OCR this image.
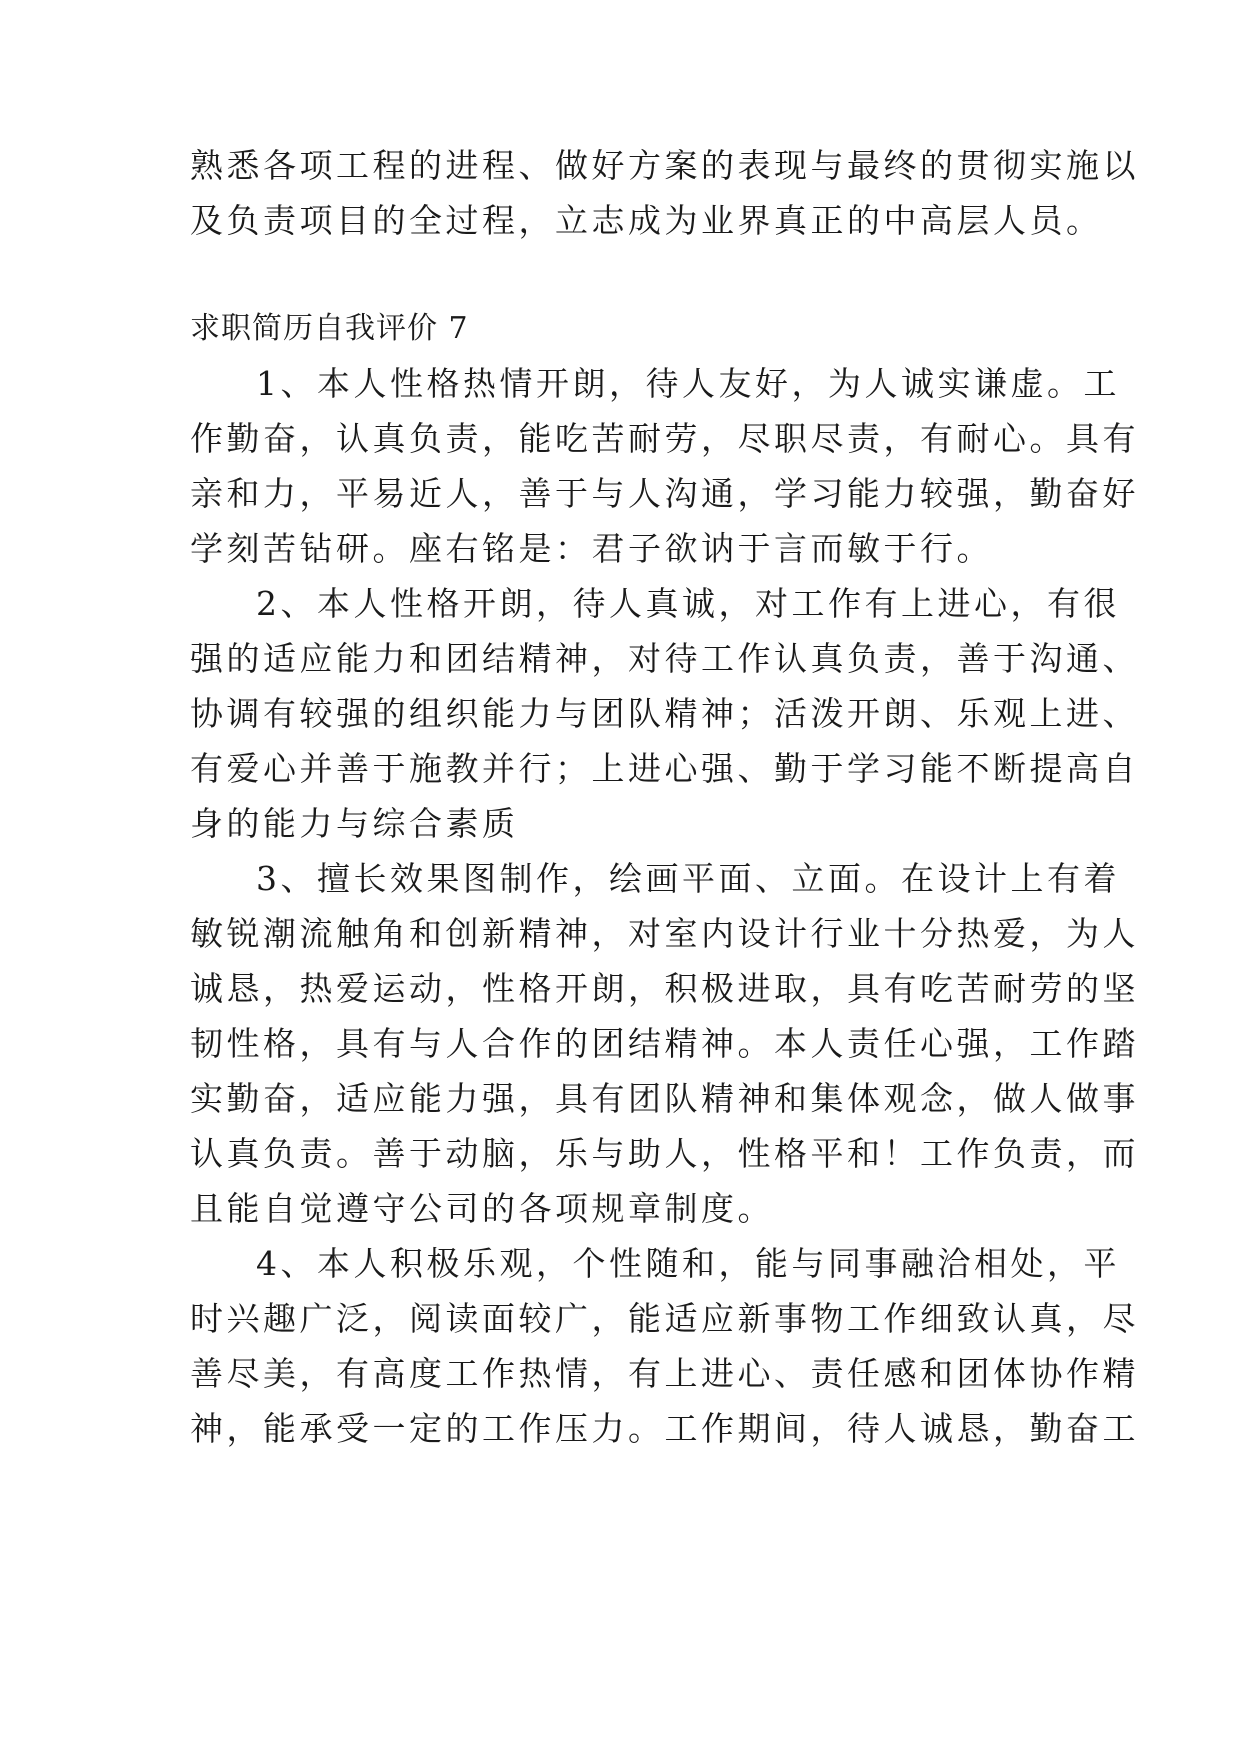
熟悉各项工程的进程、做好方案的表现与最终的贯彻实施以
及负责项目的全过程，立志成为业界真正的中高层人员。
求职简历自我评价 7
1、本人性格热情开朗，待人友好，为人诚实谦虚。工
作勤奋，认真负责，能吃苦耐劳，尽职尽责，有耐心。具有
亲和力，平易近人，善于与人沟通，学习能力较强，勤奋好
学刻苦钻研。座右铭是：君子欲讷于言而敏于行。
2、本人性格开朗，待人真诚，对工作有上进心，有很
强的适应能力和团结精神，对待工作认真负责，善于沟通、
协调有较强的组织能力与团队精神；活泼开朗、乐观上进、
有爱心并善于施教并行；上进心强、勤于学习能不断提高自
身的能力与综合素质
3、擅长效果图制作，绘画平面、立面。在设计上有着
敏锐潮流触角和创新精神，对室内设计行业十分热爱，为人
诚恳，热爱运动，性格开朗，积极进取，具有吃苦耐劳的坚
韧性格，具有与人合作的团结精神。本人责任心强，工作踏
实勤奋，适应能力强，具有团队精神和集体观念，做人做事
认真负责。善于动脑，乐与助人，性格平和！工作负责，而
且能自觉遵守公司的各项规章制度。
4、本人积极乐观，个性随和，能与同事融洽相处，平
时兴趣广泛，阅读面较广，能适应新事物工作细致认真，尽
善尽美，有高度工作热情，有上进心、责任感和团体协作精
神，能承受一定的工作压力。工作期间，待人诚恳，勤奋工
